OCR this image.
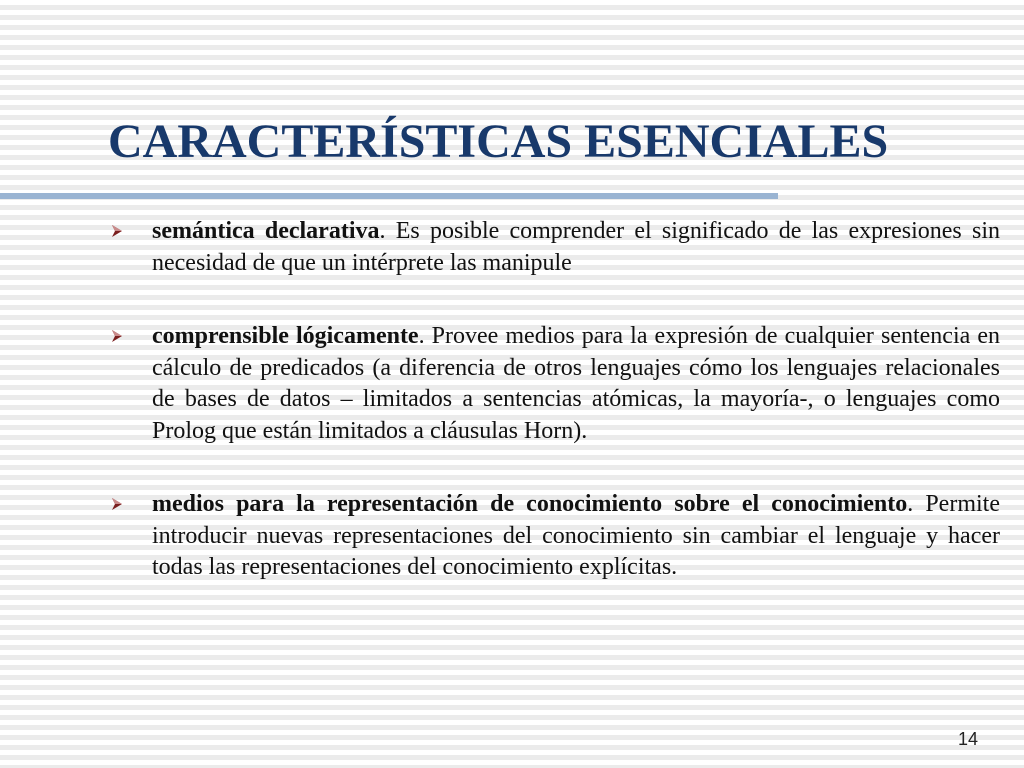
CARACTERÍSTICAS ESENCIALES
semántica declarativa. Es posible comprender el significado de las expresiones sin necesidad de que un intérprete las manipule
comprensible lógicamente. Provee medios para la expresión de cualquier sentencia en cálculo de predicados (a diferencia de otros lenguajes cómo los lenguajes relacionales de bases de datos – limitados a sentencias atómicas, la mayoría-, o lenguajes como Prolog que están limitados a cláusulas Horn).
medios para la representación de conocimiento sobre el conocimiento. Permite introducir nuevas representaciones del conocimiento sin cambiar el lenguaje y hacer todas las representaciones del conocimiento explícitas.
14
